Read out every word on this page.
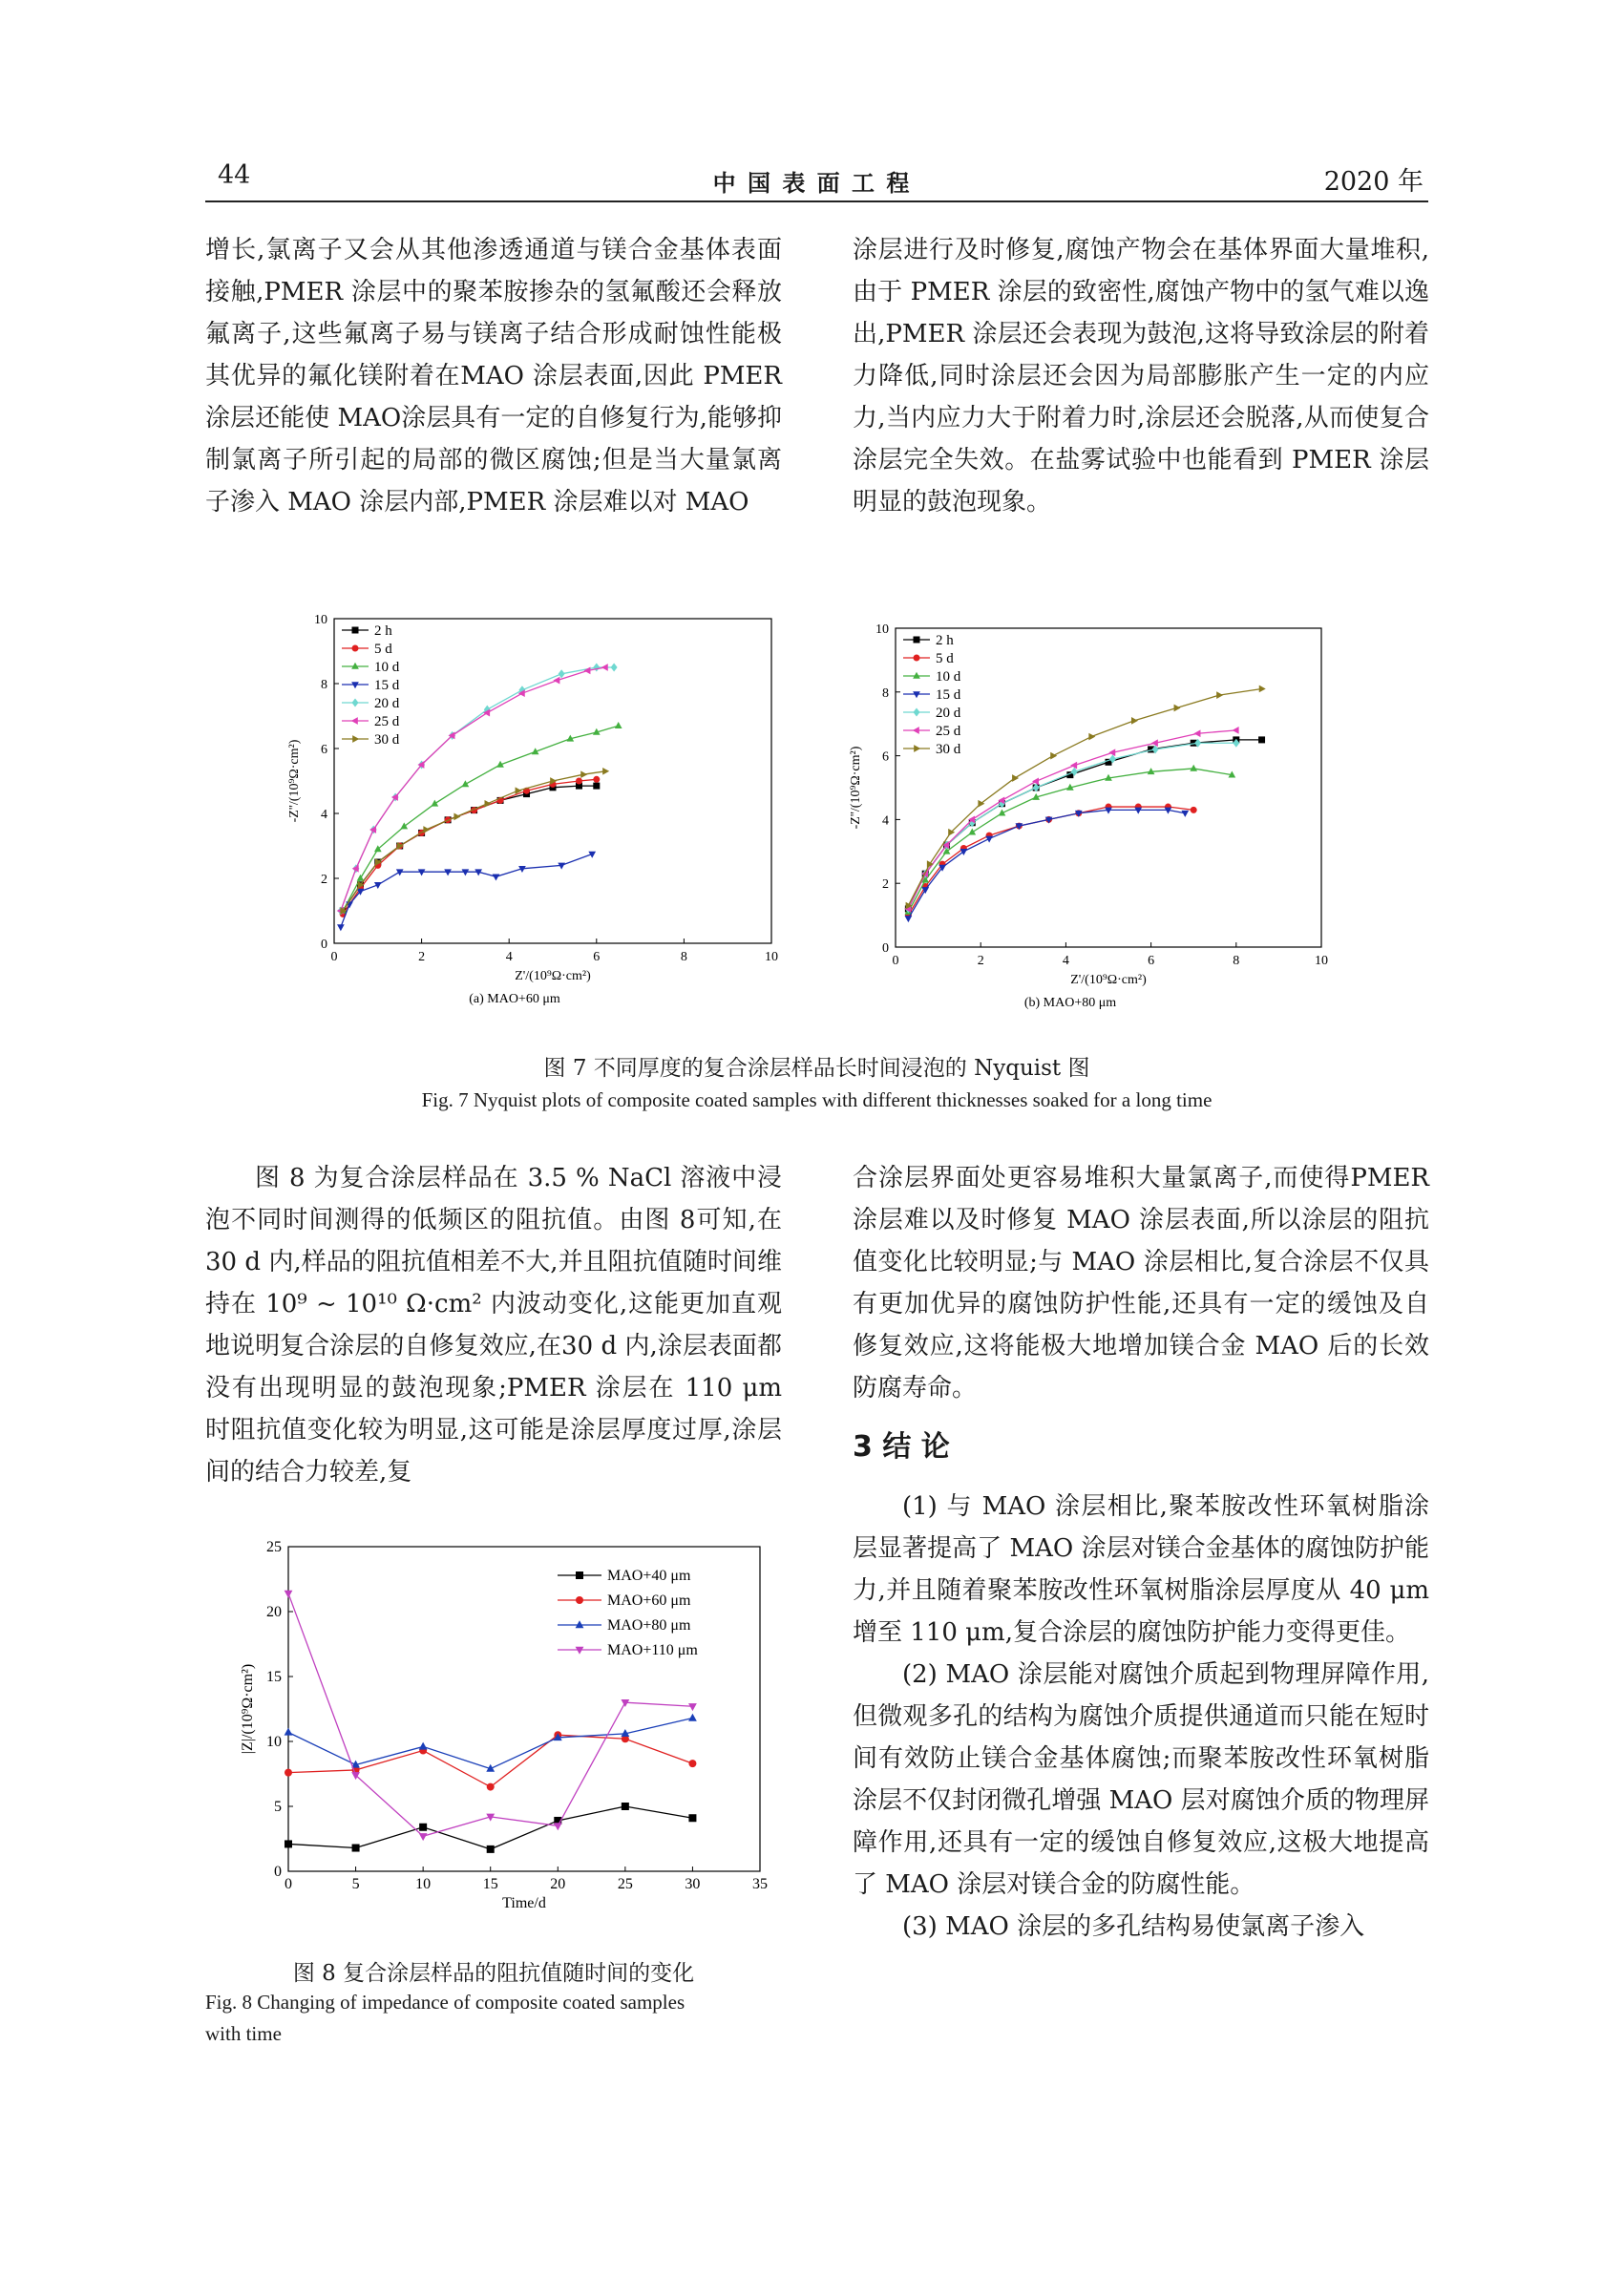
44	中 国 表 面 工 程	2020 年

增长,氯离子又会从其他渗透通道与镁合金基体表面接触,PMER 涂层中的聚苯胺掺杂的氢氟酸还会释放氟离子,这些氟离子易与镁离子结合形成耐蚀性能极其优异的氟化镁附着在MAO 涂层表面,因此 PMER 涂层还能使 MAO涂层具有一定的自修复行为,能够抑制氯离子所引起的局部的微区腐蚀;但是当大量氯离子渗入 MAO 涂层内部,PMER 涂层难以对 MAO

涂层进行及时修复,腐蚀产物会在基体界面大量堆积,由于 PMER 涂层的致密性,腐蚀产物中的氢气难以逸出,PMER 涂层还会表现为鼓泡,这将导致涂层的附着力降低,同时涂层还会因为局部膨胀产生一定的内应力,当内应力大于附着力时,涂层还会脱落,从而使复合涂层完全失效。在盐雾试验中也能看到 PMER 涂层明显的鼓泡现象。

0	2	4	6	8	10
0
2
4
6
8
10
Z'/(10⁹Ω·cm²)
-Z''/(10⁹Ω·cm²)
(a) MAO+60 μm
2 h
5 d
10 d
15 d
20 d
25 d
30 d
0	2	4	6	8	10
0
2
4
6
8
10
Z'/(10⁹Ω·cm²)
-Z''/(10⁹Ω·cm²)
(b) MAO+80 μm
2 h
5 d
10 d
15 d
20 d
25 d
30 d
图 7 不同厚度的复合涂层样品长时间浸泡的 Nyquist 图
Fig. 7 Nyquist plots of composite coated samples with different thicknesses soaked for a long time

图 8 为复合涂层样品在 3.5 % NaCl 溶液中浸泡不同时间测得的低频区的阻抗值。由图 8可知,在 30 d 内,样品的阻抗值相差不大,并且阻抗值随时间维持在 10⁹ ~ 10¹⁰ Ω·cm² 内波动变化,这能更加直观地说明复合涂层的自修复效应,在30 d 内,涂层表面都没有出现明显的鼓泡现象;PMER 涂层在 110 μm 时阻抗值变化较为明显,这可能是涂层厚度过厚,涂层间的结合力较差,复

合涂层界面处更容易堆积大量氯离子,而使得PMER 涂层难以及时修复 MAO 涂层表面,所以涂层的阻抗值变化比较明显;与 MAO 涂层相比,复合涂层不仅具有更加优异的腐蚀防护性能,还具有一定的缓蚀及自修复效应,这将能极大地增加镁合金 MAO 后的长效防腐寿命。

3 结 论

(1) 与 MAO 涂层相比,聚苯胺改性环氧树脂涂层显著提高了 MAO 涂层对镁合金基体的腐蚀防护能力,并且随着聚苯胺改性环氧树脂涂层厚度从 40 μm 增至 110 μm,复合涂层的腐蚀防护能力变得更佳。

(2) MAO 涂层能对腐蚀介质起到物理屏障作用,但微观多孔的结构为腐蚀介质提供通道而只能在短时间有效防止镁合金基体腐蚀;而聚苯胺改性环氧树脂涂层不仅封闭微孔增强 MAO 层对腐蚀介质的物理屏障作用,还具有一定的缓蚀自修复效应,这极大地提高了 MAO 涂层对镁合金的防腐性能。

(3) MAO 涂层的多孔结构易使氯离子渗入

0	5	10	15	20	25	30	35
0
5
10
15
20
25
Time/d
|Z|/(10⁹Ω·cm²)
MAO+40 μm
MAO+60 μm
MAO+80 μm
MAO+110 μm
图 8 复合涂层样品的阻抗值随时间的变化
Fig. 8 Changing of impedance of composite coated samples
with time
